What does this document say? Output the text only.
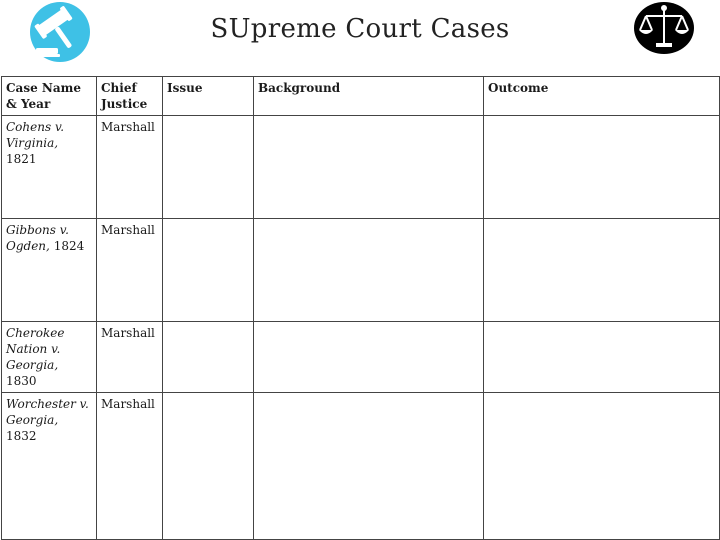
SUpreme Court Cases
Case Name & Year	Chief Justice	Issue	Background	Outcome
Cohens v. Virginia, 1821	Marshall			
Gibbons v. Ogden, 1824	Marshall			
Cherokee Nation v. Georgia, 1830	Marshall			
Worchester v. Georgia, 1832	Marshall			
